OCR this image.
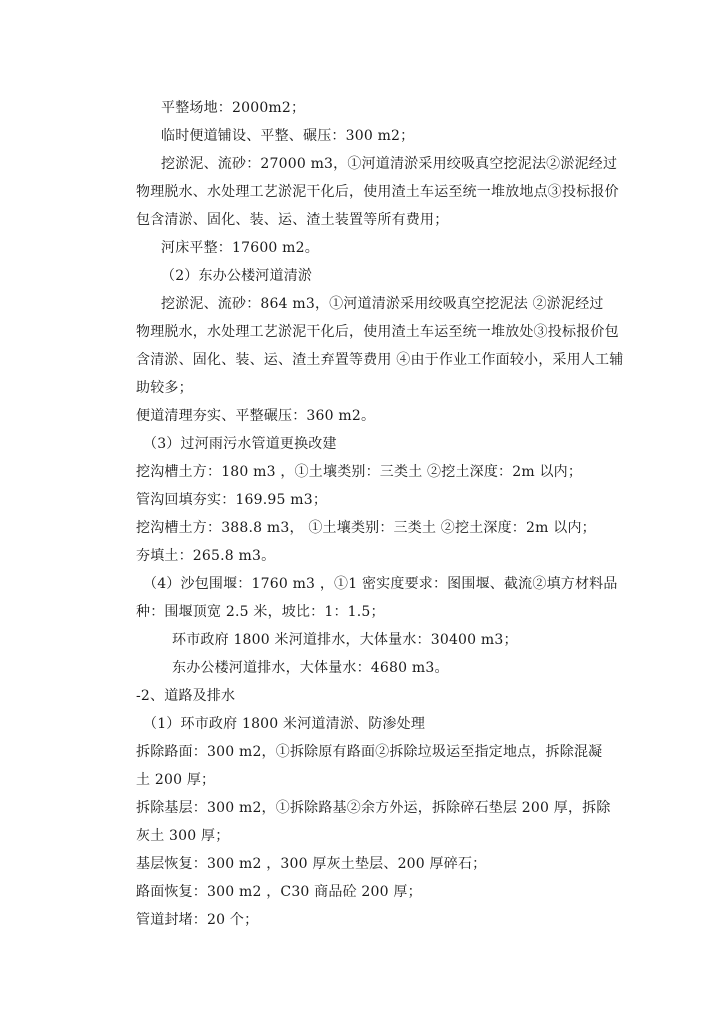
平整场地：2000m2；
临时便道铺设、平整、碾压：300 m2；
挖淤泥、流砂：27000 m3，①河道清淤采用绞吸真空挖泥法②淤泥经过
物理脱水、水处理工艺淤泥干化后，使用渣土车运至统一堆放地点③投标报价
包含清淤、固化、装、运、渣土装置等所有费用；
河床平整：17600 m2。
（2）东办公楼河道清淤
挖淤泥、流砂：864 m3，①河道清淤采用绞吸真空挖泥法 ②淤泥经过
物理脱水，水处理工艺淤泥干化后，使用渣土车运至统一堆放处③投标报价包
含清淤、固化、装、运、渣土弃置等费用 ④由于作业工作面较小，采用人工辅
助较多；
便道清理夯实、平整碾压：360 m2。
（3）过河雨污水管道更换改建
挖沟槽土方：180 m3 ，①土壤类别：三类土 ②挖土深度：2m 以内；
管沟回填夯实：169.95 m3；
挖沟槽土方：388.8 m3， ①土壤类别：三类土 ②挖土深度：2m 以内；
夯填土：265.8 m3。
（4）沙包围堰：1760 m3 ，①1 密实度要求：图围堰、截流②填方材料品
种：围堰顶宽 2.5 米，坡比：1：1.5；
环市政府 1800 米河道排水，大体量水：30400 m3；
东办公楼河道排水，大体量水：4680 m3。
-2、道路及排水
（1）环市政府 1800 米河道清淤、防渗处理
拆除路面：300 m2，①拆除原有路面②拆除垃圾运至指定地点，拆除混凝
土 200 厚；
拆除基层：300 m2，①拆除路基②余方外运，拆除碎石垫层 200 厚，拆除
灰土 300 厚；
基层恢复：300 m2 ，300 厚灰土垫层、200 厚碎石；
路面恢复：300 m2 ，C30 商品砼 200 厚；
管道封堵：20 个；
